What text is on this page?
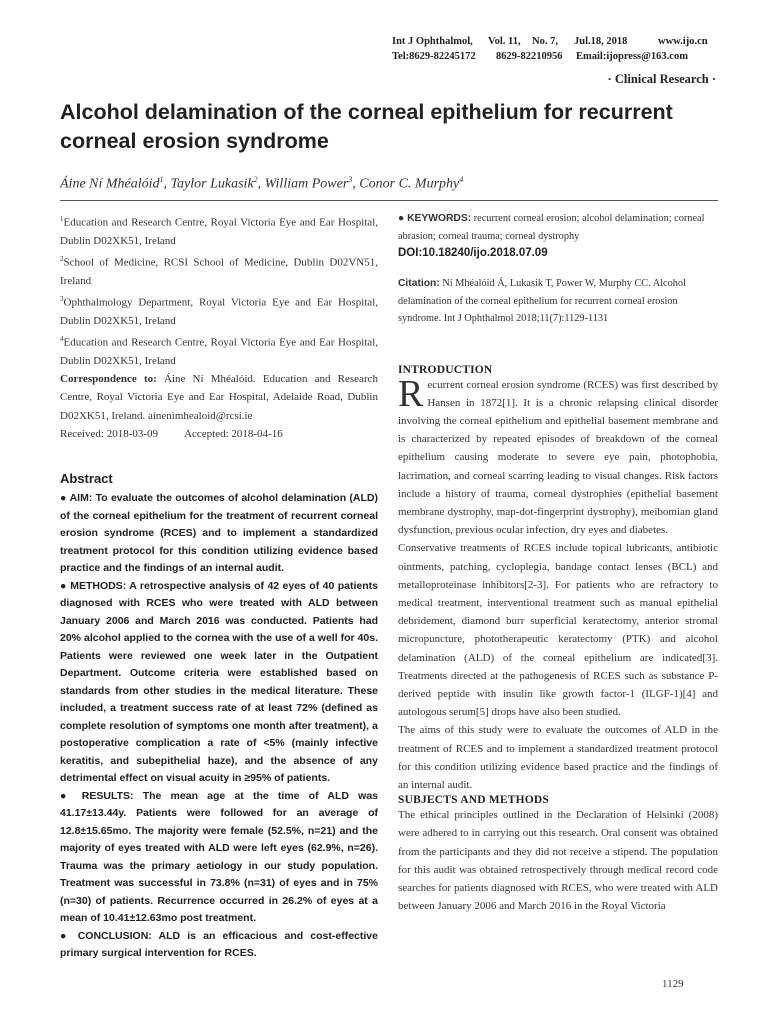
Int J Ophthalmol, Vol. 11, No. 7, Jul.18, 2018	www.ijo.cn
Tel:8629-82245172 8629-82210956 Email:ijopress@163.com
· Clinical Research ·
Alcohol delamination of the corneal epithelium for recurrent corneal erosion syndrome
Áine Ní Mhéalóid$^1$, Taylor Lukasik$^2$, William Power$^3$, Conor C. Murphy$^4$

$^1$Education and Research Centre, Royal Victoria Eye and Ear Hospital, Dublin D02XK51, Ireland

$^2$School of Medicine, RCSI School of Medicine, Dublin D02VN51, Ireland

$^3$Ophthalmology Department, Royal Victoria Eye and Ear Hospital, Dublin D02XK51, Ireland

$^4$Education and Research Centre, Royal Victoria Eye and Ear Hospital, Dublin D02XK51, Ireland

Correspondence to: Áine Ní Mhéalóid. Education and Research Centre, Royal Victoria Eye and Ear Hospital, Adelaide Road, Dublin D02XK51, Ireland. ainenimhealoid@rcsi.ie

Received: 2018-03-09 Accepted: 2018-04-16

Abstract

● AIM: To evaluate the outcomes of alcohol delamination (ALD) of the corneal epithelium for the treatment of recurrent corneal erosion syndrome (RCES) and to implement a standardized treatment protocol for this condition utilizing evidence based practice and the findings of an internal audit.

● METHODS: A retrospective analysis of 42 eyes of 40 patients diagnosed with RCES who were treated with ALD between January 2006 and March 2016 was conducted. Patients had 20% alcohol applied to the cornea with the use of a well for 40s. Patients were reviewed one week later in the Outpatient Department. Outcome criteria were established based on standards from other studies in the medical literature. These included, a treatment success rate of at least 72% (defined as complete resolution of symptoms one month after treatment), a postoperative complication a rate of <5% (mainly infective keratitis, and subepithelial haze), and the absence of any detrimental effect on visual acuity in ≥95% of patients.

● RESULTS: The mean age at the time of ALD was 41.17±13.44y. Patients were followed for an average of 12.8±15.65mo. The majority were female (52.5%, n=21) and the majority of eyes treated with ALD were left eyes (62.9%, n=26). Trauma was the primary aetiology in our study population. Treatment was successful in 73.8% (n=31) of eyes and in 75% (n=30) of patients. Recurrence occurred in 26.2% of eyes at a mean of 10.41±12.63mo post treatment.

● CONCLUSION: ALD is an efficacious and cost-effective primary surgical intervention for RCES.

● KEYWORDS: recurrent corneal erosion; alcohol delamination; corneal abrasion; corneal trauma; corneal dystrophy

DOI:10.18240/ijo.2018.07.09

Citation: Ní Mhéalóid Á, Lukasik T, Power W, Murphy CC. Alcohol delamination of the corneal epithelium for recurrent corneal erosion syndrome. Int J Ophthalmol 2018;11(7):1129-1131

INTRODUCTION

Recurrent corneal erosion syndrome (RCES) was first described by Hansen in 1872[1]. It is a chronic relapsing clinical disorder involving the corneal epithelium and epithelial basement membrane and is characterized by repeated episodes of breakdown of the corneal epithelium causing moderate to severe eye pain, photophobia, lacrimation, and corneal scarring leading to visual changes. Risk factors include a history of trauma, corneal dystrophies (epithelial basement membrane dystrophy, map-dot-fingerprint dystrophy), meibomian gland dysfunction, previous ocular infection, dry eyes and diabetes.

Conservative treatments of RCES include topical lubricants, antibiotic ointments, patching, cycloplegia, bandage contact lenses (BCL) and metalloproteinase inhibitors[2-3]. For patients who are refractory to medical treatment, interventional treatment such as manual epithelial debridement, diamond burr superficial keratectomy, anterior stromal micropuncture, phototherapeutic keratectomy (PTK) and alcohol delamination (ALD) of the corneal epithelium are indicated[3]. Treatments directed at the pathogenesis of RCES such as substance P-derived peptide with insulin like growth factor-1 (ILGF-1)[4] and autologous serum[5] drops have also been studied.

The aims of this study were to evaluate the outcomes of ALD in the treatment of RCES and to implement a standardized treatment protocol for this condition utilizing evidence based practice and the findings of an internal audit.

SUBJECTS AND METHODS

The ethical principles outlined in the Declaration of Helsinki (2008) were adhered to in carrying out this research. Oral consent was obtained from the participants and they did not receive a stipend. The population for this audit was obtained retrospectively through medical record code searches for patients diagnosed with RCES, who were treated with ALD between January 2006 and March 2016 in the Royal Victoria

1129
